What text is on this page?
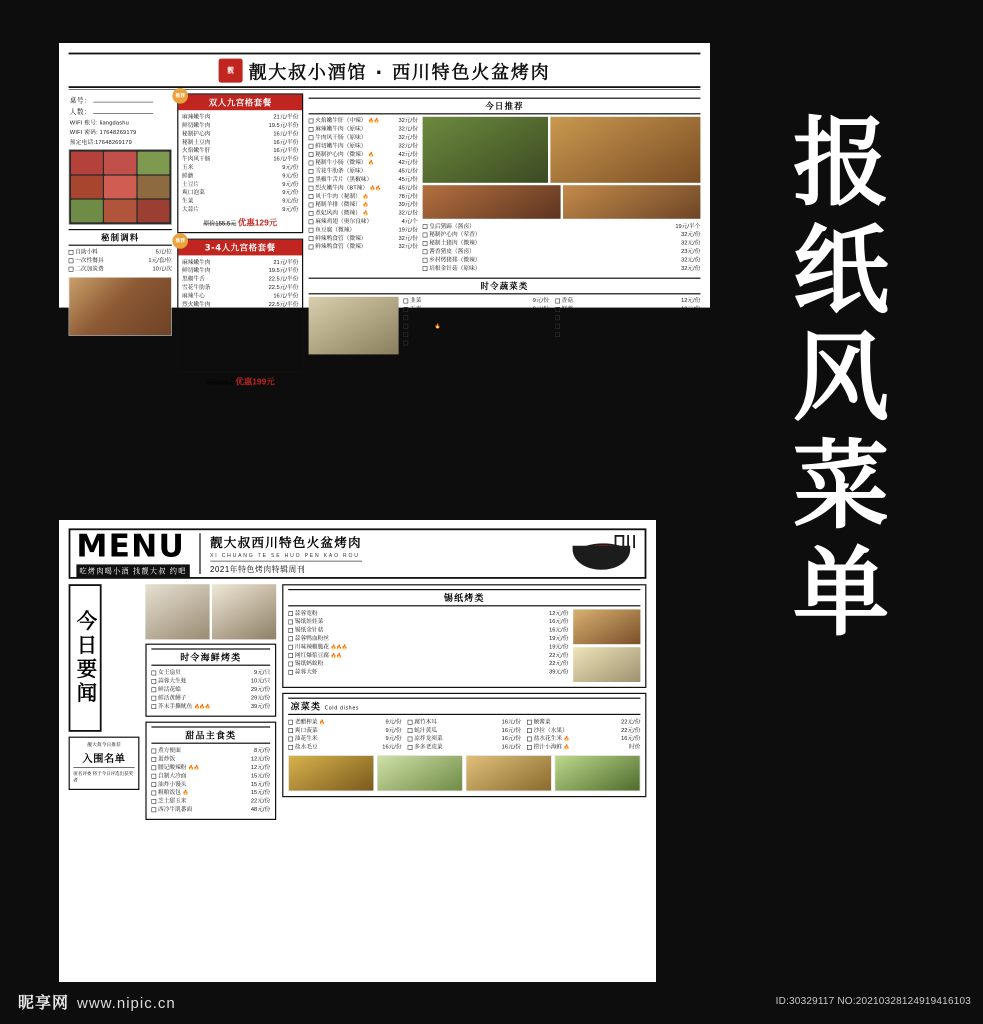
靓 靓大叔小酒馆 · 西川特色火盆烤肉
桌号：
人数：
WIFI 账号: liangdashu
WIFI 密码: 17648269179
预定电话:17648269179
秘制调料
自助小料	5元/位
一次性餐具	1元/套/位
二次加炭费	10元/次
推荐
双人九宫格套餐
麻辣嫩牛肉	21元/半份
鲜切嫩牛肉	19.5元/半份
秘制护心肉	16元/半份
秘制土豆肉	16元/半份
火焰嫩牛肝	16元/半份
牛肉风干肠	16元/半份
玉米	9元/份
鲜蘑	9元/份
土豆片	9元/份
爽口泡菜	9元/份
生菜	9元/份
大蒜片	9元/份
原价155.5元 优惠129元
推荐
3-4人九宫格套餐
麻辣嫩牛肉	21元/半份
鲜切嫩牛肉	19.5元/半份
黑椒牛舌	22.5元/半份
雪花牛肋条	22.5元/半份
麻辣牛心	16元/半份
烈火嫩牛肉	22.5元/半份
秘制土猪肉	16元/半份
牛肉风干肠	16元/半份
火焰嫩牛干	16元/半份
爽口泡菜	9元/份
菌菇拼盘	12元/份
生菜	9元/份
大蒜片	12元/份
原价215元 优惠199元
今日推荐
火焰嫩牛肝（中辣） 🔥🔥 32元/份
麻辣嫩牛肉（原味）	32元/份
牛肉风干肠（原味）	32元/份
鲜切嫩牛肉（原味）	32元/份
秘制护心肉（微辣） 🔥	42元/份
秘制牛小肠（微辣） 🔥	42元/份
雪花牛肋条（原味）	45元/份
黑椒牛舌片（黑椒味）	45元/份
烈火嫩牛肉（BT辣） 🔥🔥 45元/份
风干牛肉（秘制） 🔥	78元/份
秘制羊排（微辣） 🔥	39元/份
煮妃风肉（微辣） 🔥	32元/份
麻辣鸡翅（奥尔良味）	4元/个
鱼豆腐（微辣）	19元/份
鲜辣鸭食管（微辣）	32元/份
鲜辣鸭食管（微辣）	32元/份
皇后猪蹄（酱卤）	19元/半个
秘制护心肉（荤香）	32元/份
秘制土猪肉（微辣）	32元/份
酱香猪皮（酱卤）	23元/份
乡村烤猪排（微辣）	32元/份
培根金针菇（原味）	32元/份
时令蔬菜类
韭菜	9元/份
玉米	9元/份
西葫芦	9元/份
秘制酸菜 🔥	10元/份
红薯土豆拼盘	12元/份
生菜	12元/份
香菇	12元/份
鲜蘑	12元/份
杏鲍菇	12元/份
苏子叶	15元/份
菌菇拼盘	22元/份
MENU
吃烤肉喝小酒 找靓大叔 约吧
靓大叔西川特色火盆烤肉
XI CHUANG TE SE HUO PEN KAO ROU
2021年特色烤肉特辑周刊
今日要闻
靓大叔今日推荐
入围名单
匿名评委 将于今日评选出获奖者
时令海鲜烤类
女王扇贝	9元/只
蒜蓉大生蚝	10元/只
鲜活花蛤	29元/份
鲜活黄鳝子	29元/份
芥末手撕鱿鱼 🔥🔥🔥	39元/份
甜品主食类
煮方便面	8元/份
蛋炒饭	12元/份
腰记酸辣粉 🔥🔥	12元/份
自制大冷面	15元/份
油炸小馒头	15元/份
粗粮饭包 🔥	15元/份
芝士甜玉米	22元/份
西冷牛肌番面	48元/份
锡纸烤类
蒜蓉宽粉	12元/份
锡纸娃娃菜	16元/份
锡纸金针菇	16元/份
蒜蓉鸭血粉丝	19元/份
川味辣椒脆花 🔥🔥🔥	19元/份
网红爆浆豆腐 🔥🔥	22元/份
锡纸蚂蚁粉	22元/份
蒜蓉大虾	39元/份
凉菜类 Cold dishes
老醋榨菜 🔥	9元/份
爽口菠菜	9元/份
油花生米	9元/份
盐水毛豆	16元/份
腐竹木耳	16元/份
蚝汁黄瓜	16元/份
凉拌龙须菜	16元/份
多多老虎菜	16元/份
颐酱菜	22元/份
沙拉（水果）	22元/份
盐水花生米 🔥	16元/份
捞汁小海鲜 🔥	时价
报
纸
风
菜
单
昵享网 www.nipic.cn	ID:30329117 NO:20210328124919416103
